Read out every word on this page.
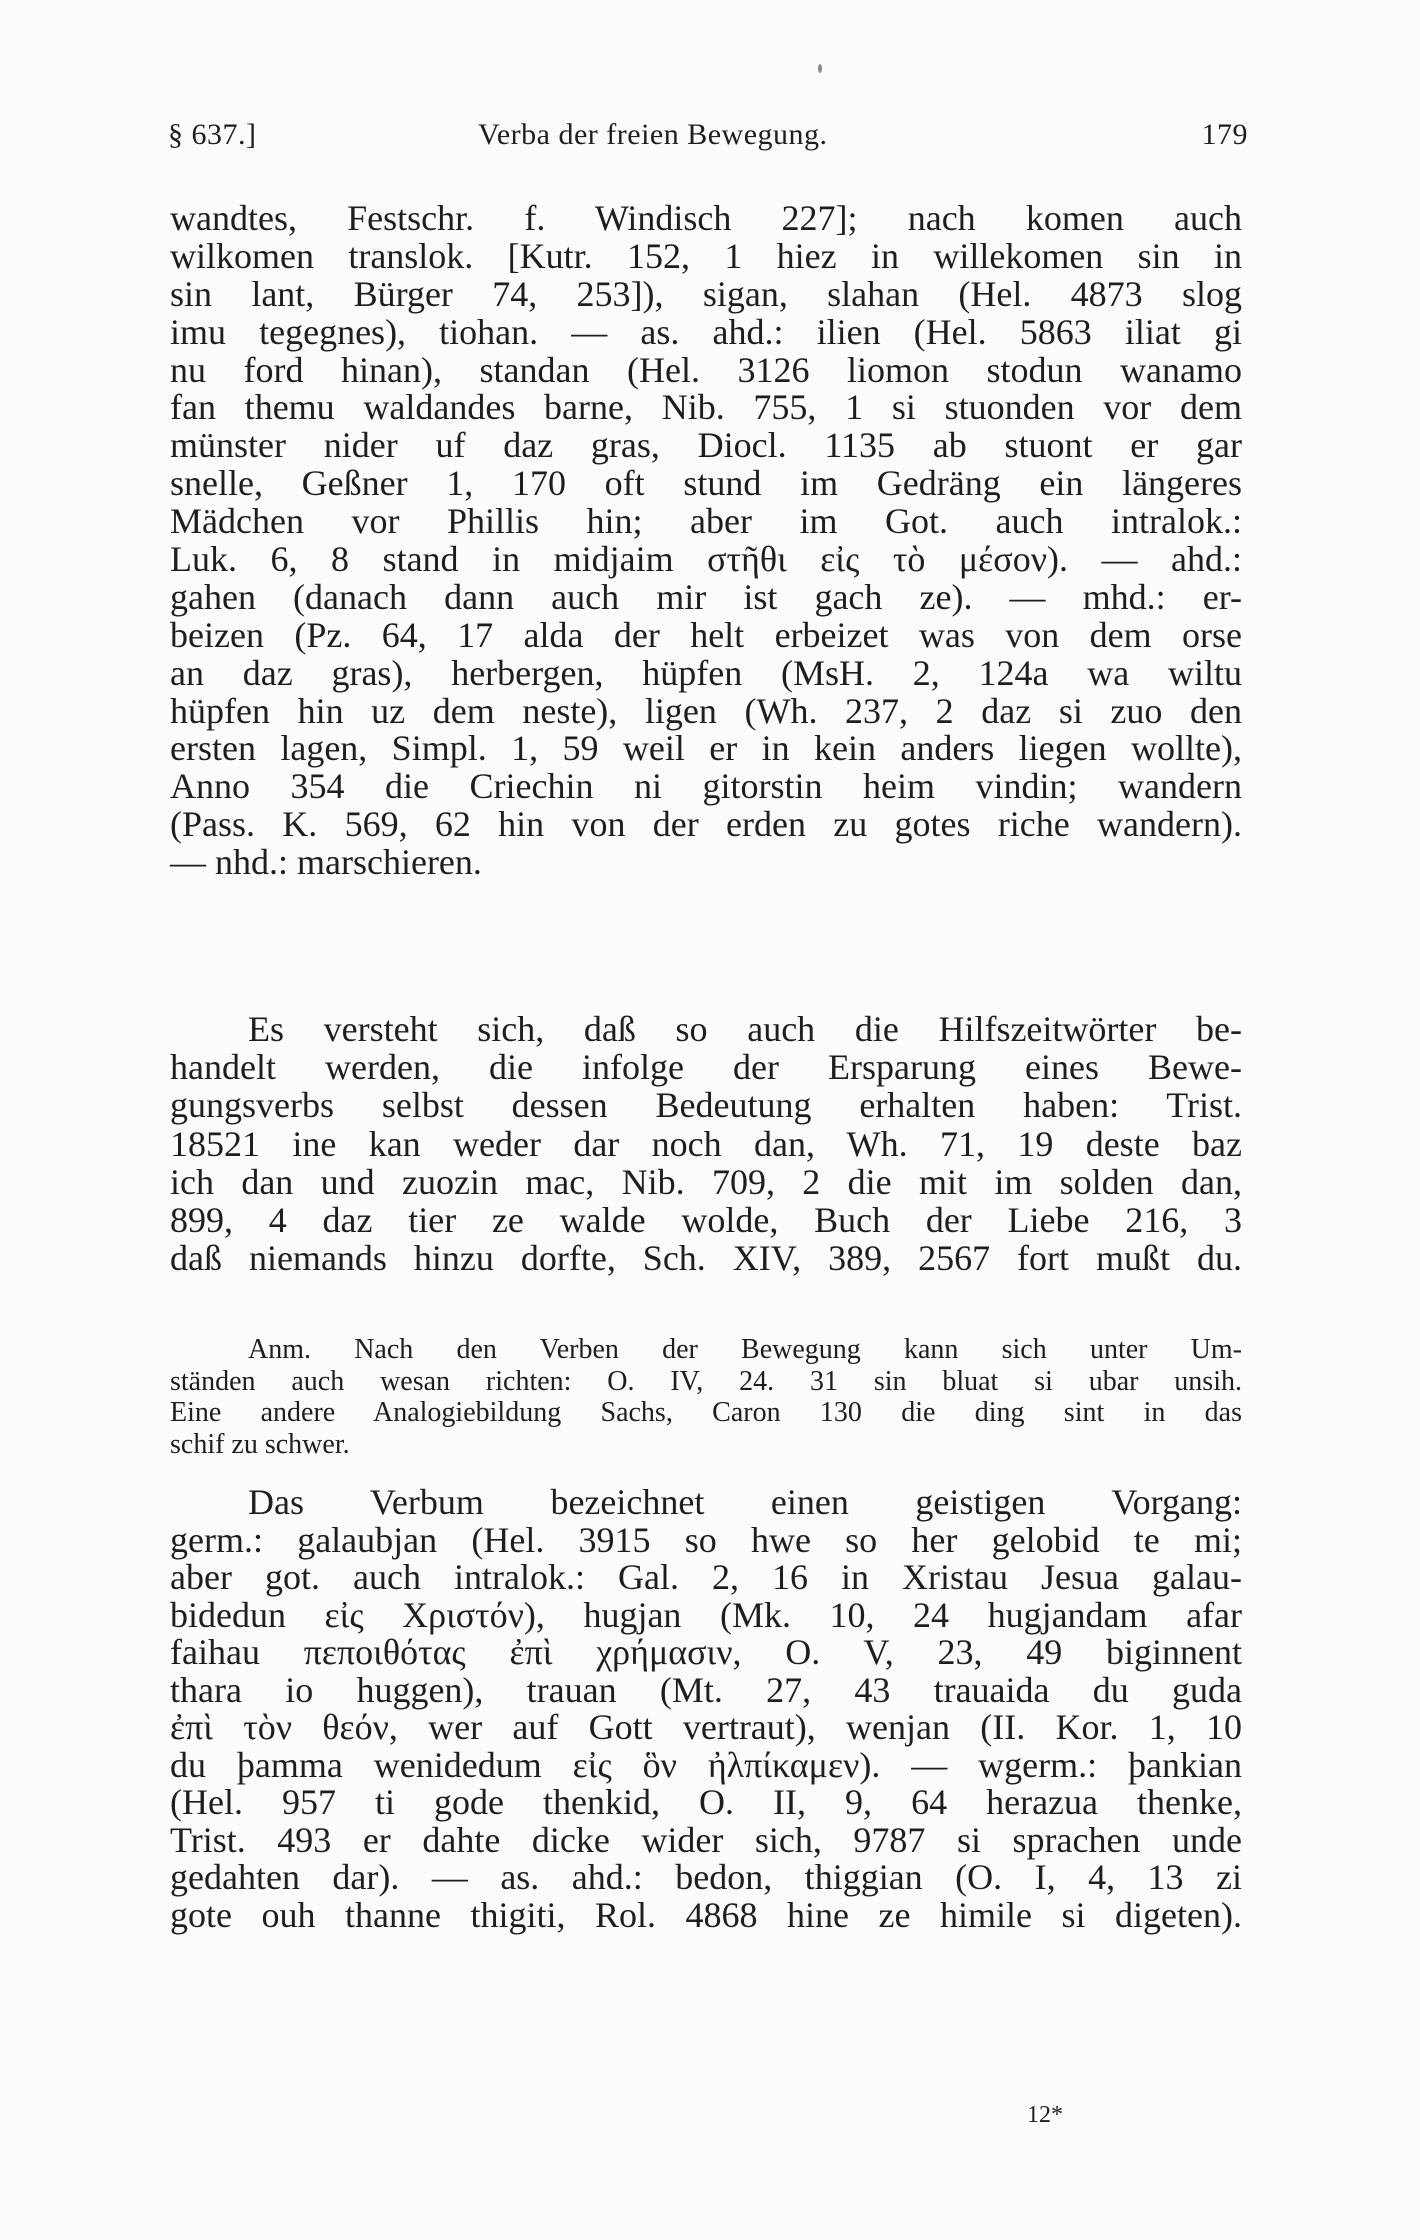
§ 637.]	Verba der freien Bewegung.	179
wandtes, Festschr. f. Windisch 227]; nach komen auch
wilkomen translok. [Kutr. 152, 1 hiez in willekomen sin in
sin lant, Bürger 74, 253]), sigan, slahan (Hel. 4873 slog
imu tegegnes), tiohan. — as. ahd.: ilien (Hel. 5863 iliat gi
nu ford hinan), standan (Hel. 3126 liomon stodun wanamo
fan themu waldandes barne, Nib. 755, 1 si stuonden vor dem
münster nider uf daz gras, Diocl. 1135 ab stuont er gar
snelle, Geßner 1, 170 oft stund im Gedräng ein längeres
Mädchen vor Phillis hin; aber im Got. auch intralok.:
Luk. 6, 8 stand in midjaim στῆθι εἰς τὸ μέσον). — ahd.:
gahen (danach dann auch mir ist gach ze). — mhd.: er-
beizen (Pz. 64, 17 alda der helt erbeizet was von dem orse
an daz gras), herbergen, hüpfen (MsH. 2, 124a wa wiltu
hüpfen hin uz dem neste), ligen (Wh. 237, 2 daz si zuo den
ersten lagen, Simpl. 1, 59 weil er in kein anders liegen wollte),
Anno 354 die Criechin ni gitorstin heim vindin; wandern
(Pass. K. 569, 62 hin von der erden zu gotes riche wandern).
— nhd.: marschieren.
Es versteht sich, daß so auch die Hilfszeitwörter be-
handelt werden, die infolge der Ersparung eines Bewe-
gungsverbs selbst dessen Bedeutung erhalten haben: Trist.
18521 ine kan weder dar noch dan, Wh. 71, 19 deste baz
ich dan und zuozin mac, Nib. 709, 2 die mit im solden dan,
899, 4 daz tier ze walde wolde, Buch der Liebe 216, 3
daß niemands hinzu dorfte, Sch. XIV, 389, 2567 fort mußt du.
Anm. Nach den Verben der Bewegung kann sich unter Um-
ständen auch wesan richten: O. IV, 24. 31 sin bluat si ubar unsih.
Eine andere Analogiebildung Sachs, Caron 130 die ding sint in das
schif zu schwer.
Das Verbum bezeichnet einen geistigen Vorgang:
germ.: galaubjan (Hel. 3915 so hwe so her gelobid te mi;
aber got. auch intralok.: Gal. 2, 16 in Xristau Jesua galau-
bidedun εἰς Χριστόν), hugjan (Mk. 10, 24 hugjandam afar
faihau πεποιθότας ἐπὶ χρήμασιν, O. V, 23, 49 biginnent
thara io huggen), trauan (Mt. 27, 43 trauaida du guda
ἐπὶ τὸν θεόν, wer auf Gott vertraut), wenjan (II. Kor. 1, 10
du þamma wenidedum εἰς ὃν ἠλπίκαμεν). — wgerm.: þankian
(Hel. 957 ti gode thenkid, O. II, 9, 64 herazua thenke,
Trist. 493 er dahte dicke wider sich, 9787 si sprachen unde
gedahten dar). — as. ahd.: bedon, thiggian (O. I, 4, 13 zi
gote ouh thanne thigiti, Rol. 4868 hine ze himile si digeten).
12*
